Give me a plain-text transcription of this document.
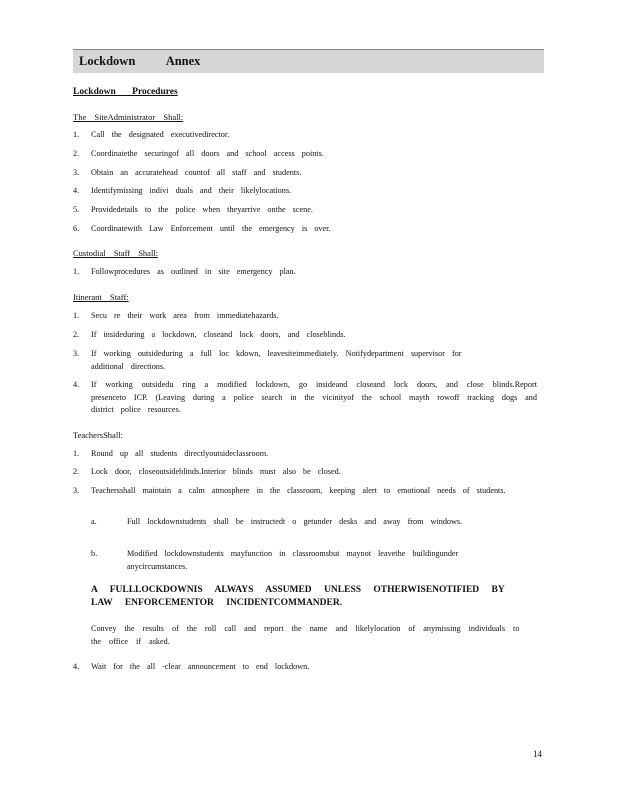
Lockdown Annex
Lockdown Procedures
The SiteAdministrator Shall:
1. Call the designated executivedirector.
2. Coordinatethe securingof all doors and school access points.
3. Obtain an accuratehead countof all staff and students.
4. Identifymissing indivi duals and their likelylocations.
5. Providedetails to the police when theyarrive onthe scene.
6. Coordinatewith Law Enforcement until the emergency is over.
Custodial Staff Shall:
1. Followprocedures as outlined in site emergency plan.
Itinerant Staff:
1. Secu re their work area from immediatehazards.
2. If insideduring a lockdown, closeand lock doors, and closeblinds.
3. If working outsideduring a full loc kdown, leavesiteimmediately. Notifydepartment supervisor for additional directions.
4. If working outsidedu ring a modified lockdown, go insideand closeand lock doors, and close blinds.Report presenceto ICP. (Leaving during a police search in the vicinityof the school mayth rowoff tracking dogs and district police resources.
TeachersShall:
1. Round up all students directlyoutsideclassroom.
2. Lock door, closeoutsideblinds.Interior blinds must also be closed.
3. Teachersshall maintain a calm atmosphere in the classroom, keeping alert to emotional needs of students.
a.	Full lockdownstudents shall be instructedt o getunder desks and away from windows.
b.	Modified lockdownstudents mayfunction in classroomsbut maynot leavethe buildingunder anycircumstances.
A FULLLOCKDOWNIS ALWAYS ASSUMED UNLESS OTHERWISENOTIFIED BY LAW ENFORCEMENTOR INCIDENTCOMMANDER.
Convey the results of the roll call and report the name and likelylocation of anymissing individuals to the office if asked.
4. Wait for the all -clear announcement to end lockdown.
14
